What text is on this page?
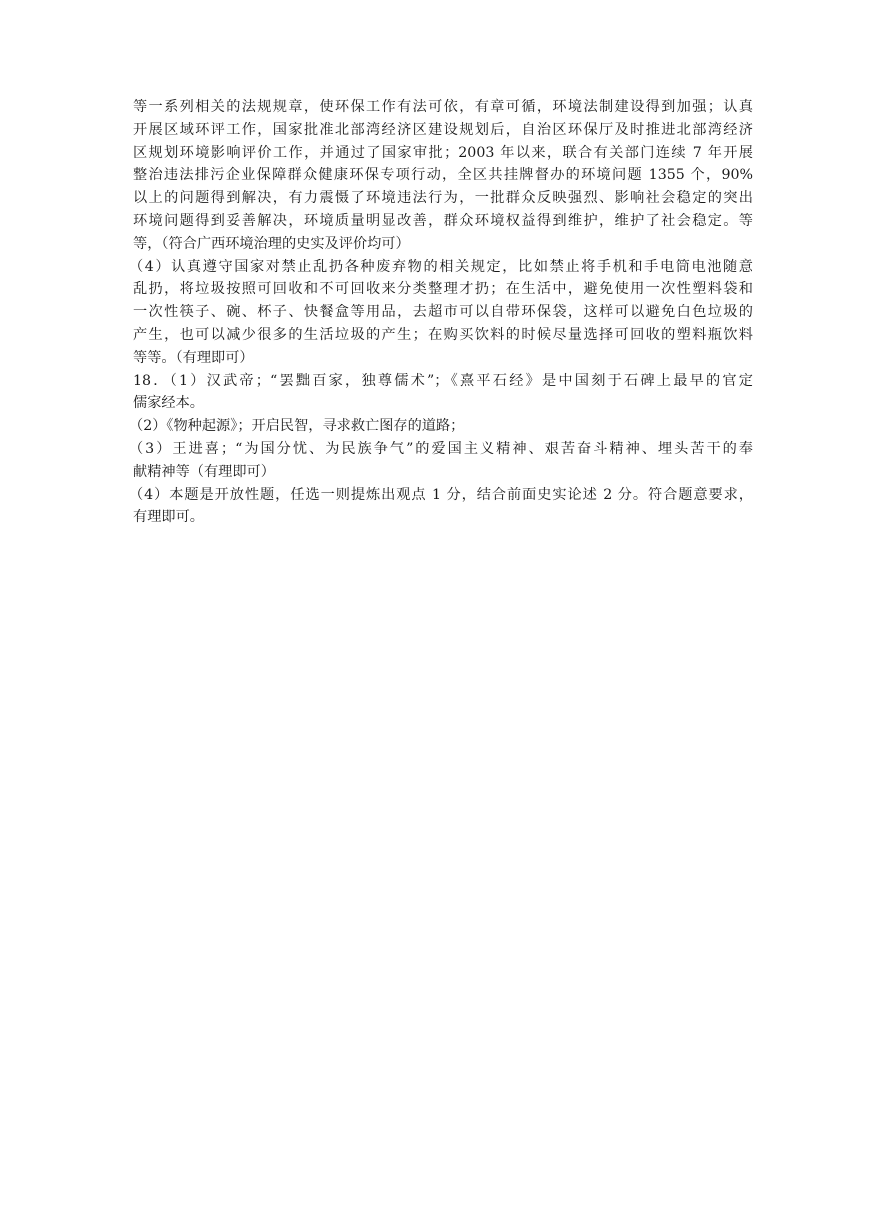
等一系列相关的法规规章，使环保工作有法可依，有章可循，环境法制建设得到加强；认真
开展区域环评工作，国家批准北部湾经济区建设规划后，自治区环保厅及时推进北部湾经济
区规划环境影响评价工作，并通过了国家审批；2003 年以来，联合有关部门连续 7 年开展
整治违法排污企业保障群众健康环保专项行动，全区共挂牌督办的环境问题 1355 个，90%
以上的问题得到解决，有力震慑了环境违法行为，一批群众反映强烈、影响社会稳定的突出
环境问题得到妥善解决，环境质量明显改善，群众环境权益得到维护，维护了社会稳定。等
等，（符合广西环境治理的史实及评价均可）
（4）认真遵守国家对禁止乱扔各种废弃物的相关规定，比如禁止将手机和手电筒电池随意
乱扔，将垃圾按照可回收和不可回收来分类整理才扔；在生活中，避免使用一次性塑料袋和
一次性筷子、碗、杯子、快餐盒等用品，去超市可以自带环保袋，这样可以避免白色垃圾的
产生，也可以减少很多的生活垃圾的产生；在购买饮料的时候尽量选择可回收的塑料瓶饮料
等等。（有理即可）
18．（1）汉武帝；“罢黜百家，独尊儒术”；《熹平石经》是中国刻于石碑上最早的官定
儒家经本。
（2）《物种起源》；开启民智，寻求救亡图存的道路；
（3）王进喜；“为国分忧、为民族争气”的爱国主义精神、艰苦奋斗精神、埋头苦干的奉
献精神等（有理即可）
（4）本题是开放性题，任选一则提炼出观点 1 分，结合前面史实论述 2 分。符合题意要求，
有理即可。
